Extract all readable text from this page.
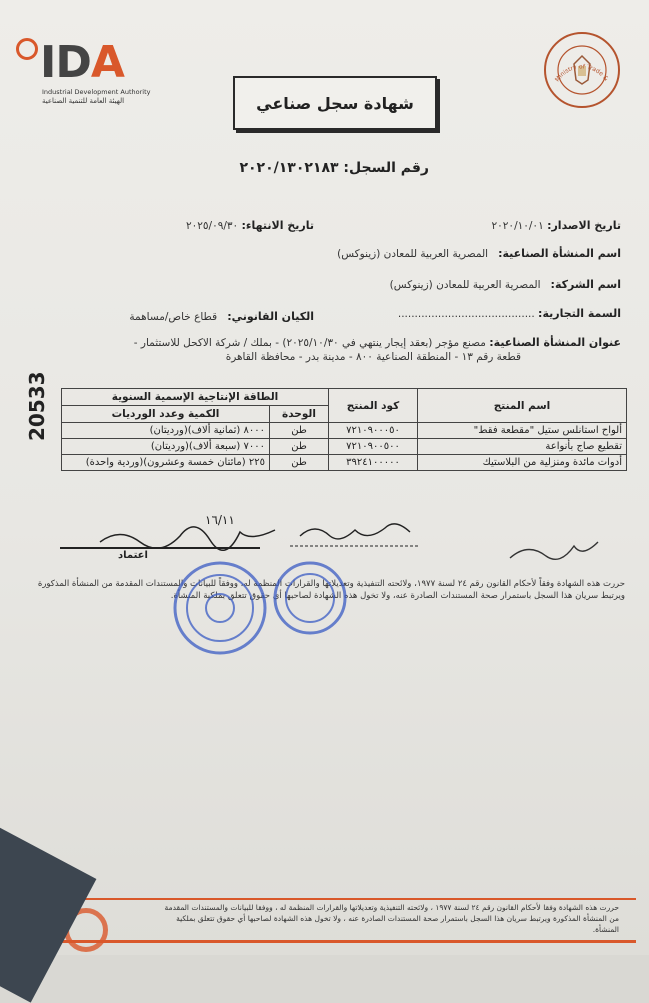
IDA
Industrial Development Authority
الهيئة العامة للتنمية الصناعية	شهادة سجل صناعي
Ministry of Trade &
رقم السجل: ٢٠٢٠/١٣٠٢١٨٣
تاريخ الاصدار: ٢٠٢٠/١٠/٠١
تاريخ الانتهاء: ٢٠٢٥/٠٩/٣٠
اسم المنشأة الصناعية:   المصرية العربية للمعادن (زينوكس)
اسم الشركة:   المصرية العربية للمعادن (زينوكس)
السمة التجارية: .........................................
الكيان القانوني:   قطاع خاص/مساهمة
عنوان المنشأة الصناعية: مصنع مؤجر (بعقد إيجار ينتهي في ٢٠٢٥/١٠/٣٠) - بملك / شركة الاكحل للاستثمار -
قطعة رقم ١٣ - المنطقة الصناعية ٨٠٠ - مدينة بدر - محافظة القاهرة
20533	اسم المنتج	كود المنتج	الطاقة الإنتاجية الإسمية السنوية	
		الوحدة	الكمية وعدد الورديات
ألواح استانلس ستيل "مقطعة فقط"	٧٢١٠٩٠٠٠٥٠	طن	٨٠٠٠ (ثمانية ألاف)(ورديتان)
تقطيع صاج بأنواعة	٧٢١٠٩٠٠٥٠٠	طن	٧٠٠٠ (سبعة ألاف)(ورديتان)
أدوات مائدة ومنزلية من البلاستيك	٣٩٢٤١٠٠٠٠٠	طن	٢٢٥ (مائتان خمسة وعشرون)(وردية واحدة)
١٦/١١
اعتماد
حررت هذه الشهادة وفقاً لأحكام القانون رقم ٢٤ لسنة ١٩٧٧، ولائحته التنفيذية وتعديلاتها والقرارات المنظمة له، ووفقاً للبيانات والمستندات المقدمة من المنشأة المذكورة ويرتبط سريان هذا السجل باستمرار صحة المستندات الصادرة عنه، ولا تخول هذه الشهادة لصاحبها أي حقوق تتعلق بملكية المنشأة.
حررت هذه الشهادة وفقا لأحكام القانون رقم ٢٤ لسنة ١٩٧٧ ، ولائحته التنفيذية وتعديلاتها والقرارات المنظمة له ، ووفقا للبيانات والمستندات المقدمة من المنشأة المذكورة ويرتبط سريان هذا السجل باستمرار صحة المستندات الصادرة عنه ، ولا تخول هذه الشهادة لصاحبها أي حقوق تتعلق بملكية المنشأة.
